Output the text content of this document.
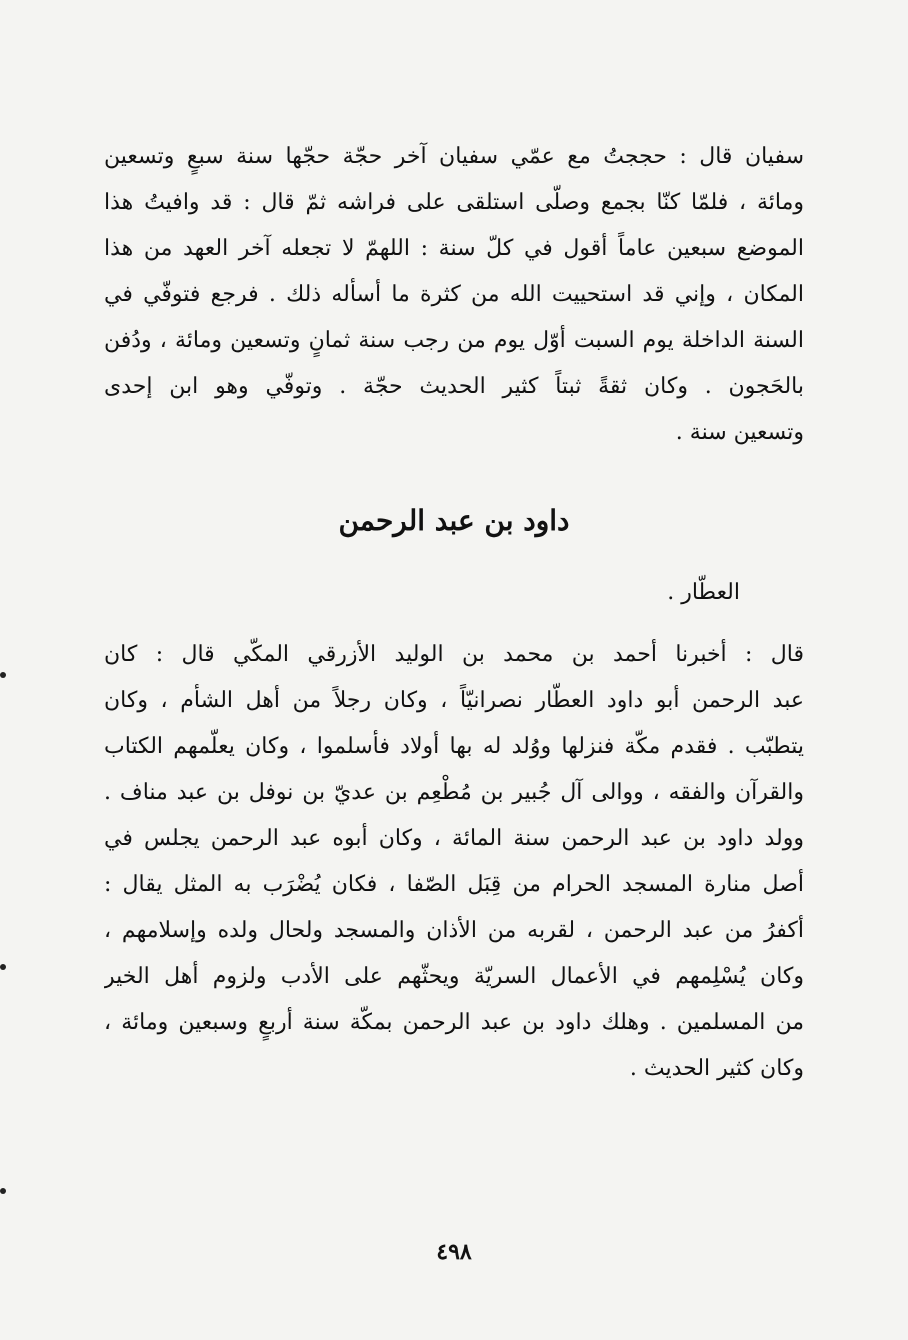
سفيان قال : حججتُ مع عمّي سفيان آخر حجّة حجّها سنة سبعٍ وتسعين
ومائة ، فلمّا كنّا بجمع وصلّى استلقى على فراشه ثمّ قال : قد وافيتُ هذا
الموضع سبعين عاماً أقول في كلّ سنة : اللهمّ لا تجعله آخر العهد من هذا
المكان ، وإني قد استحييت الله من كثرة ما أسأله ذلك . فرجع فتوفّي في
السنة الداخلة يوم السبت أوّل يوم من رجب سنة ثمانٍ وتسعين ومائة ، ودُفن
بالحَجون . وكان ثقةً ثبتاً كثير الحديث حجّة . وتوفّي وهو ابن إحدى
وتسعين سنة .
داود بن عبد الرحمن
العطّار .
قال : أخبرنا أحمد بن محمد بن الوليد الأزرقي المكّي قال : كان
عبد الرحمن أبو داود العطّار نصرانيّاً ، وكان رجلاً من أهل الشأم ، وكان
يتطبّب . فقدم مكّة فنزلها ووُلد له بها أولاد فأسلموا ، وكان يعلّمهم الكتاب
والقرآن والفقه ، ووالى آل جُبير بن مُطْعِم بن عديّ بن نوفل بن عبد مناف .
وولد داود بن عبد الرحمن سنة المائة ، وكان أبوه عبد الرحمن يجلس في
أصل منارة المسجد الحرام من قِبَل الصّفا ، فكان يُضْرَب به المثل يقال :
أكفرُ من عبد الرحمن ، لقربه من الأذان والمسجد ولحال ولده وإسلامهم ،
وكان يُسْلِمهم في الأعمال السريّة ويحثّهم على الأدب ولزوم أهل الخير
من المسلمين . وهلك داود بن عبد الرحمن بمكّة سنة أربعٍ وسبعين ومائة ،
وكان كثير الحديث .
٤٩٨
